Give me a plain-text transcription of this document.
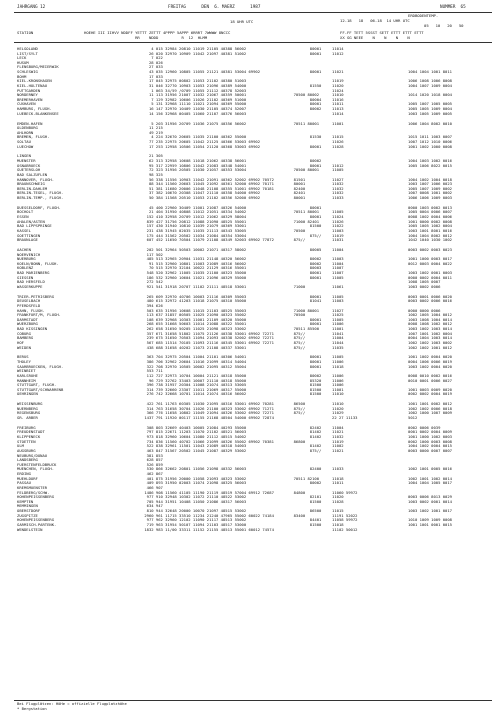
JAHRGANG 12	FREITAG      DEN  6. MAERZ      1987	NUMMER  65
ERDBODENTEMP.
18 UHR UTC	12-18   18   06-18  14 UHR UTC
05   10   20   50
STATION	HOEHE III IIHVV NDDFF YETTT ZETTT 4PPPP 5APPP 6RRRT 7WWWW 8NCCC
RR    NDDD          R  12  HLMM
FF-FF TETT 5SSST SETT ETTT ETTT ETTT
XX GG NEEE    N    N    N    N
HELGOLAND	4 015 32984 20810 11019 21105 40388 56002	80001	11014
LIST/SYLT	26 020 32970 10909 11042 21097 40381 51002	80001	11012
LECK	7 022
HUSUM	28 026
FLENSBURG/MEIERWIK	27 033
SCHLESWIG	43 035 12960 10805 11055 21121 40381 53004 69902	80001	11021	1004 1004 1001 8011
BOHM	17 033
KIEL-KRONSHAGEN	17 045 32975 00802 11053 21102 40380 51003	11019	1006 1008 1006 8008
KIEL-HOLTENAU	31 046 32770 10903 11053 21096 40389 54000	81550	11020	1004 1007 1009 0004
PUTTGARDEN	1 063 34/59 /0709 11055 21112 40378 52003	11024
NORDERNEY	11 113 31956 21007 11032 21067 40359 50001	70500 80002	11010	1014 1020 1018 0004
BREMERHAVEN	7 129 32982 10606 11026 21102 40369 51000	80004	11016
CUXHAVEN	5 131 32968 11110 11021 21094 40369 55000	80001	11011	1005 1007 1005 0005
HAMBURG, FLUGH.	16 147 32970 10409 11030 21105 40374 52007	80002	11013	1005 1005 1009 0004
LUEBECK-BLANKENSEE	14 156 32968 00405 11060 21107 40376 56003	11014	1003 1005 1009 0005
EMDEN-HAFEN	5 203 31956 20709 11036 21075 40356 56002	70511 80001	11001	1006 1004 8002 0010
OLDENBURG	11 215
AHLHORN	49 219
BREMEN, FLUGH.	4 224 32670 20605 11035 21100 40362 55000	81530	11015	1015 1011 1003 0007
SOLTAU	77 235 22975 20605 11042 21125 40366 53003 69902	11026	1007 1012 1010 0006
LUECHOW	17 253 12958 10506 11054 21120 40368 53003 69902	80001	11028	1001 1002 1000 0008
LINGEN	21 305
MUENSTER	62 313 32958 10608 11018 21062 40338 56001	80002	1004 1003 1002 0016
OSNABRUECK	95 317 22959 10806 11042 21083 40348 54001	80001	11012	1005 1006 8022 0015
GUETERSLOH	72 323 31956 20505 11030 21057 40353 53004	70500 80001	11005
BAD SALZUFLEN	98 325
HANNOVER, FLUGH.	56 338 11556 10903 11042 21091 40362 52002 69902 70572 81501	11027	1004 1002 1004 0018
BRAUNSCHWEIG	88 344 11560 20603 11045 21092 40361 52000 69902 70171 80001	11032	1003 1007 1006 0023
BERLIN-DAHLEM	51 381 11680 20006 11048 21108 40355 51001 69902 70181 82400	11032	1005 1007 1009 0002
BERLIN-TEGEL, FLUGH.	37 382 10670 20308 11047 21110 40358 54000 69902	82401	11032	1007 0008 1001 0002
BERLIN-TEMP., FLUGH.	50 384 11568 20510 11053 21102 40356 52000 69902	80001	11033	1006 1006 1009 0003
DUESSELDORF, FLUGH.	45 400 22960 30409 11001 21087 40326 54000	80001	0000 1003 0002 0013
BOCHOLT	21 404 31950 40808 11012 21051 40334 54002	70511 80001	11005	1005 0004 0006 0007
ESSEN	152 410 32958 20709 11012 21062 40329 58004	80001	11024	0008 1002 0004 0006
AHALEN/ASTEN	839 427 31756 20812 11088 21090 48525 55001	71000 82401	11026	1001 0000 0002 0008
BAD LIPPSPRINGE	157 430 31940 10810 11039 21079 40369 53001	81500	11022	1005 1005 1002 0004
KASSEL	231 438 31945 02035 11035 21113 40343 53005	70500	11003	1003 1001 8001 0016
GOETTINGEN	175 444 31562 20502 11034 21084 40354 53004	875//	11019	1004 1004 8002 0012
BRAUNLAGE	607 452 11650 70504 11079 21108 40349 52003 69902 77872 875//	11031	1042 1040 1030 1002
AACHEN	202 501 32964 50503 10002 21071 40317 58002	80005	11004	0003 0002 0003 0023
NOERVENICH	117 502
NUERBURG	485 513 32965 20904 11031 21148 40320 56002	80002	11003	1001 1000 0003 0017
KOELN/BONN, FLUGH.	91 515 32960 10801 11003 21089 40316 56002	80002	11004	0012 0003 0004 0022
KOBLENZ	70 515 32970 32104 10022 21129 40316 55001	80003	11007
BAD MARIENBERG	548 520 32962 11005 11035 21100 40323 55000	80001	11007	1003 1002 0001 0003
GIESSEN	186 532 32960 10604 11021 21096 40329 55000	80001	11005	0000 0002 0004 0011
BAD HERSFELD	272 542	1008 1005 0007
WASSERKUPPE	921 541 31918 20707 11102 21111 48518 53001	71000	11061	1003 0002 0006
TRIER-PETRISBERG	265 609 32970 40706 10003 21116 40309 55003	80001	11005	0003 0001 0006 0020
DEUSELBACH	480 615 32972 41203 11018 21075 40310 55000	81041	11003	0003 0002 0006 0016
PFERDSFELD	394 626
HAHN, FLUGH.	503 635 31956 10608 11015 21103 48525 55003	71000 80001	11027	0000 0000 0006
FRANKFURT/M, FLUGH.	113 637 31857 00505 11025 21090 40323 55002	70500	11025	1002 1005 1004 0012
DARMSTADT	108 639 32968 10303 11001 21109 40320 55000	80001	11005	1003 1008 1004 0014
WUERZBURG	268 655 31668 50603 11014 21088 40322 55001	80001	11006	0008 1008 1002 0012
BAD KISSINGEN	262 658 31650 50205 11025 21098 40323 53002	70511 85500	11001	1003 1002 1003 0014
COBURG	357 671 31658 51802 11075 21126 40338 53001 69902 72271 875//	11041	1007 1001 1002 0004
BAMBERG	239 675 31650 70503 11094 21093 40338 52002 69902 72271 875//	11004	0004 1004 1003 0014
HOF	567 685 11514 70105 11093 21116 40345 53001 69902 72271 875//	11044	1002 1002 1003 0002
WEIDEN	438 688 31658 40202 11073 21108 40337 53001	875//	11035	1002 1002 1001 0012
BERUS	363 704 32975 20504 11004 21101 40306 54001	80001	11005	1001 1002 0004 0020
THOLEY	386 706 32962 20604 11016 21099 40314 54004	80001	11006	0004 1006 0006 0019
SAARBRUECKEN, FLUGH.	322 708 32970 10505 10002 21095 40312 55004	80001	11018	1003 1002 0004 0020
WEINBIET	553 711
KARLSRUHE	112 727 32973 10704 10004 21121 40318 55000	80002	11006	0008 0010 0002 0016
MANNHEIM	96 729 32762 33403 10007 21110 40318 55000	85320	11006	0010 0001 0006 0027
STUTTGART, FLUGH.	396 738 31957 20304 11008 21074 40313 53005	81500	11006
STUTTGART/SCHNARRENB	314 739 32660 23307 11011 21069 40317 55000	81500	11001	1001 0003 0009 0020
OEHRINGEN	276 742 32668 10701 11014 21074 40316 56002	81500	11010	0002 0002 0004 0019
WEISSENBURG	422 761 11763 60305 11030 21095 40316 53001 69902 70281 86500	11010	1001 1001 0002 0012
NUERNBERG	314 763 31658 30704 11026 21100 40323 53002 69902 71271 875//	11020	1002 1002 0006 0018
REGENSBURG	366 776 11658 10802 11049 21094 40326 53002 69902 72271 875//	11029	1002 1000 1007 0009
GR. ARBER	1437 791 11920 00117 11155 21168 48504 54000 69902 72874	22 27 11133	5012
FREIBURG	308 803 32669 40403 10005 21084 40293 55000	82402	11004	0002 0006 0039
FREUDENSTADT	797 815 22671 11203 11070 21102 48521 56003	81402	11021	0001 0002 0004 0009
KLIPPENECK	973 818 32960 10604 11080 21112 48515 54002	81402	11032	1001 1000 1002 0003
STOETTEN	734 836 11560 40702 11066 21099 40326 55002 69902 70381 86800	11019	0002 1000 0003 0008
ULM	522 838 32961 11501 11043 21089 40318 54003	81402	11002	1004 1002 0004 0015
AUGSBURG	463 847 31567 20502 11045 21087 40329 53002	875//	11021	0003 0000 0007 0007
NEUBURG/DONAU	381 853
LANDSBERG	628 857
FUERSTENFELDBRUCK	526 859
MUENCHEN, FLUGH.	530 866 32662 20801 11056 21098 40332 56003	82400	11033	1002 1001 0005 0016
ERDING	462 867
MUEHLDORF	401 875 31956 20000 11058 21093 40323 53002	70511 82100	11018	1002 1001 1002 0014
PASSAU	409 893 31950 02003 11074 21098 40325 56003	80002	11011	1004 1004 1005 0017
KREMSMUENSTER	466 907
FELDBERG/SCHW.	1486 908 11560 41105 11190 21119 48519 57004 69912 72687 84800	11060 59972
HOHENPEISSENBERG	977 910 32948 10302 11072 21110 48522 53002	82101	11020	0003 0006 8013 0029
KEMPTEN	705 944 31951 10408 11050 21086 40317 56003	81500	11028	1003 0002 0001 0014
MEMMINGEN	634 947
OBERSTDORF	810 944 32648 20000 10070 21097 48515 53002	86500	11015	1003 1002 1001 0017
ZUGSPITZE	2960 961 11715 33510 11234 21240 47965 55002 60022 74184 83400	11191 52022
HOHENPEISSENBERG	977 962 32960 12102 11090 21117 48513 55002	84401	11058 59972	1010 1009 1009 0008
GARMISCH-PARTENK.	719 963 31954 50107 11094 21103 48517 53000	81500	11018	1001 1001 0001 0015
WENDELSTEIN	1832 983 11/00 33311 11152 21155 48513 55001 60012 74574	11102 50012
Bei Flugplätzen: HöHe = offizielle Flugplatzhöhe
* Bergstation
